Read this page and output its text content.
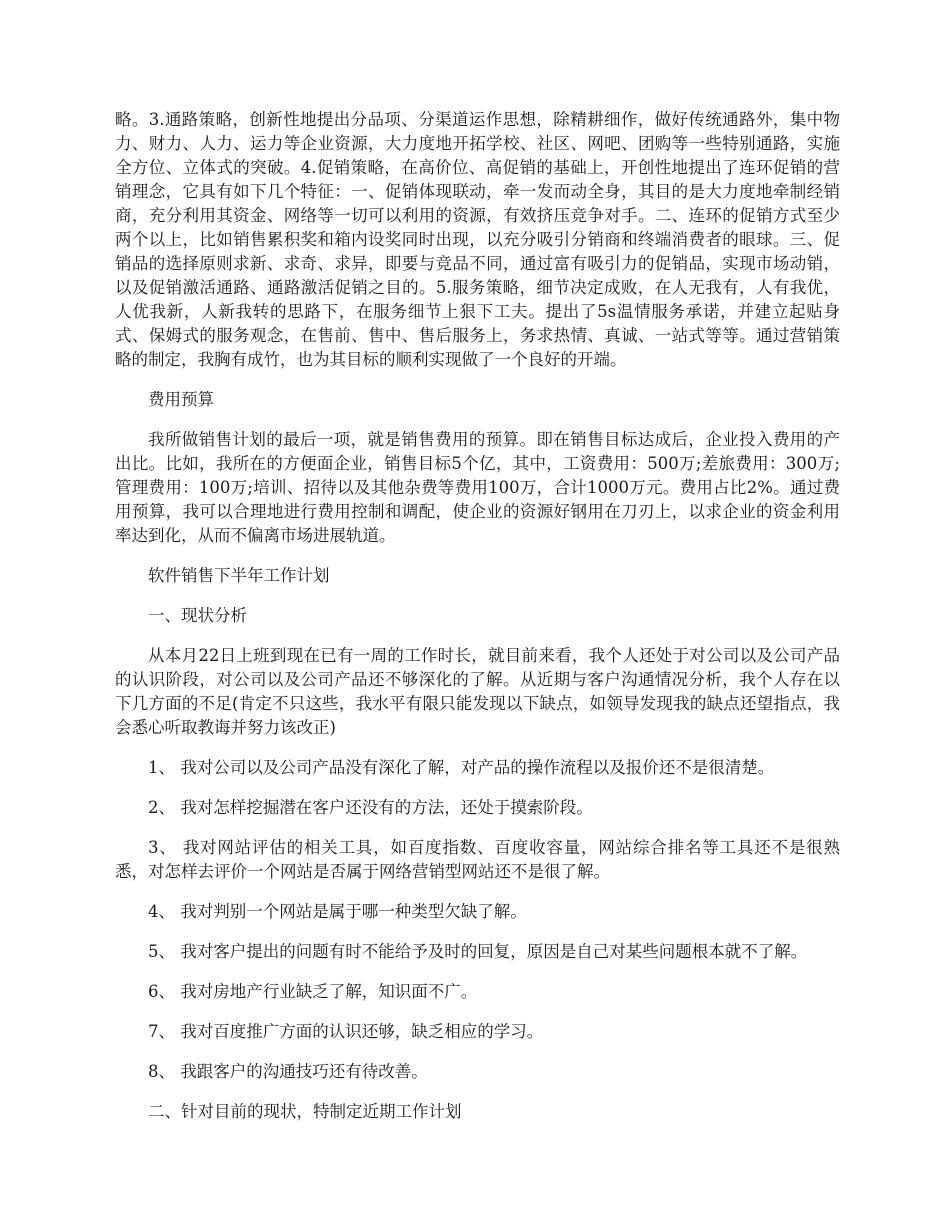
略。3.通路策略，创新性地提出分品项、分渠道运作思想，除精耕细作，做好传统通路外，集中物力、财力、人力、运力等企业资源，大力度地开拓学校、社区、网吧、团购等一些特别通路，实施全方位、立体式的突破。4.促销策略，在高价位、高促销的基础上，开创性地提出了连环促销的营销理念，它具有如下几个特征：一、促销体现联动，牵一发而动全身，其目的是大力度地牵制经销商，充分利用其资金、网络等一切可以利用的资源，有效挤压竞争对手。二、连环的促销方式至少两个以上，比如销售累积奖和箱内设奖同时出现，以充分吸引分销商和终端消费者的眼球。三、促销品的选择原则求新、求奇、求异，即要与竞品不同，通过富有吸引力的促销品，实现市场动销，以及促销激活通路、通路激活促销之目的。5.服务策略，细节决定成败，在人无我有，人有我优，人优我新，人新我转的思路下，在服务细节上狠下工夫。提出了5s温情服务承诺，并建立起贴身式、保姆式的服务观念，在售前、售中、售后服务上，务求热情、真诚、一站式等等。通过营销策略的制定，我胸有成竹，也为其目标的顺利实现做了一个良好的开端。

费用预算

我所做销售计划的最后一项，就是销售费用的预算。即在销售目标达成后，企业投入费用的产出比。比如，我所在的方便面企业，销售目标5个亿，其中，工资费用：500万;差旅费用：300万;管理费用：100万;培训、招待以及其他杂费等费用100万，合计1000万元。费用占比2%。通过费用预算，我可以合理地进行费用控制和调配，使企业的资源好钢用在刀刃上，以求企业的资金利用率达到化，从而不偏离市场进展轨道。

软件销售下半年工作计划

一、现状分析

从本月22日上班到现在已有一周的工作时长，就目前来看，我个人还处于对公司以及公司产品的认识阶段，对公司以及公司产品还不够深化的了解。从近期与客户沟通情况分析，我个人存在以下几方面的不足(肯定不只这些，我水平有限只能发现以下缺点，如领导发现我的缺点还望指点，我会悉心听取教诲并努力该改正)

1、 我对公司以及公司产品没有深化了解，对产品的操作流程以及报价还不是很清楚。

2、 我对怎样挖掘潜在客户还没有的方法，还处于摸索阶段。

3、 我对网站评估的相关工具，如百度指数、百度收容量，网站综合排名等工具还不是很熟悉，对怎样去评价一个网站是否属于网络营销型网站还不是很了解。

4、 我对判别一个网站是属于哪一种类型欠缺了解。

5、 我对客户提出的问题有时不能给予及时的回复，原因是自己对某些问题根本就不了解。

6、 我对房地产行业缺乏了解，知识面不广。

7、 我对百度推广方面的认识还够，缺乏相应的学习。

8、 我跟客户的沟通技巧还有待改善。

二、针对目前的现状，特制定近期工作计划
